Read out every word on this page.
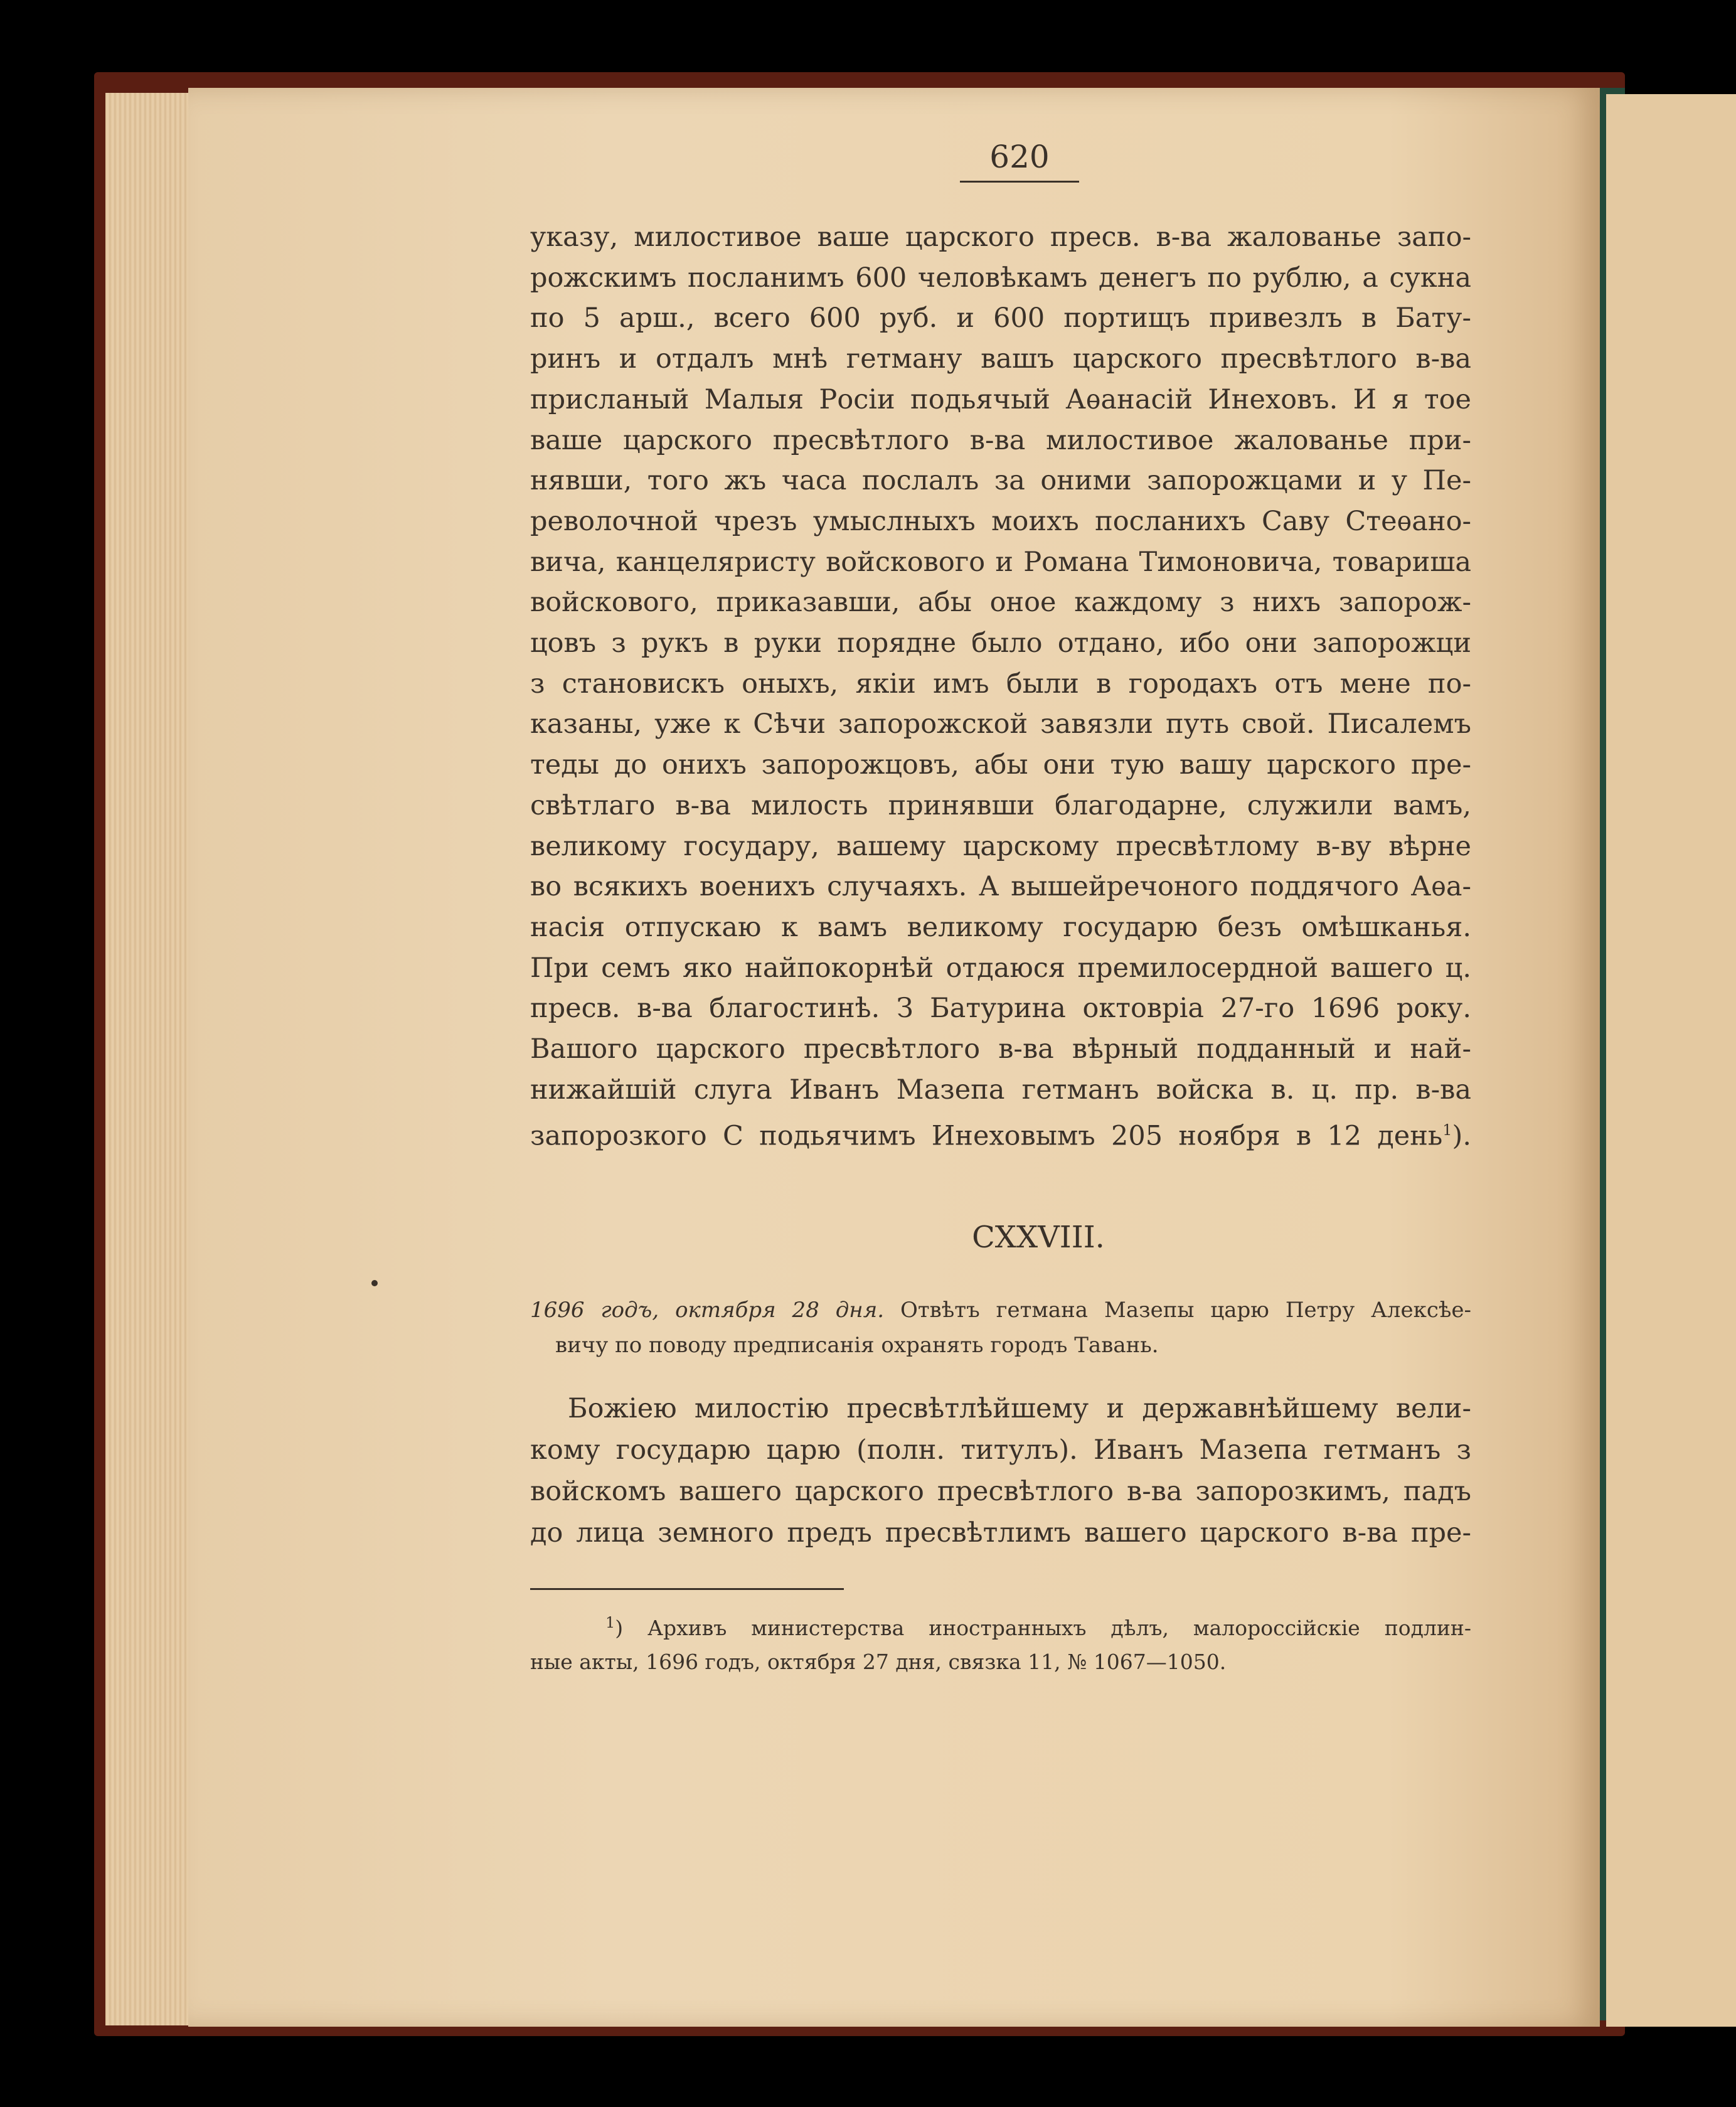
620
указу, милостивое ваше царского пресв. в-ва жалованье запо-
рожскимъ посланимъ 600 человѣкамъ денегъ по рублю, а сукна
по 5 арш., всего 600 руб. и 600 портищъ привезлъ в Бату-
ринъ и отдалъ мнѣ гетману вашъ царского пресвѣтлого в-ва
присланый Малыя Росіи подьячый Аѳанасій Инеховъ. И я тое
ваше царского пресвѣтлого в-ва милостивое жалованье при-
нявши, того жъ часа послалъ за оними запорожцами и у Пе-
револочной чрезъ умыслныхъ моихъ посланихъ Саву Стеѳано-
вича, канцеляристу войскового и Романа Тимоновича, товариша
войскового, приказавши, абы оное каждому з нихъ запорож-
цовъ з рукъ в руки порядне было отдано, ибо они запорожци
з становискъ оныхъ, якіи имъ были в городахъ отъ мене по-
казаны, уже к Сѣчи запорожской завязли путь свой. Писалемъ
теды до онихъ запорожцовъ, абы они тую вашу царского пре-
свѣтлаго в-ва милость принявши благодарне, служили вамъ,
великому государу, вашему царскому пресвѣтлому в-ву вѣрне
во всякихъ военихъ случаяхъ. А вышейречоного поддячого Аѳа-
насія отпускаю к вамъ великому государю безъ омѣшканья.
При семъ яко найпокорнѣй отдаюся премилосердной вашего ц.
пресв. в-ва благостинѣ. З Батурина октовріа 27-го 1696 року.
Вашого царского пресвѣтлого в-ва вѣрный подданный и най-
нижайшій слуга Иванъ Мазепа гетманъ войска в. ц. пр. в-ва
запорозкого С подьячимъ Инеховымъ 205 ноября в 12 день$^1$).
CXXVIII.
1696 годъ, октября 28 дня. Отвѣтъ гетмана Мазепы царю Петру Алексѣе-
вичу по поводу предписанія охранять городъ Тавань.
Божіею милостію пресвѣтлѣйшему и державнѣйшему вели-
кому государю царю (полн. титулъ). Иванъ Мазепа гетманъ з
войскомъ вашего царского пресвѣтлого в-ва запорозкимъ, падъ
до лица земного предъ пресвѣтлимъ вашего царского в-ва пре-
$^1$) Архивъ министерства иностранныхъ дѣлъ, малороссійскіе подлин-
ные акты, 1696 годъ, октября 27 дня, связка 11, № 1067—1050.
